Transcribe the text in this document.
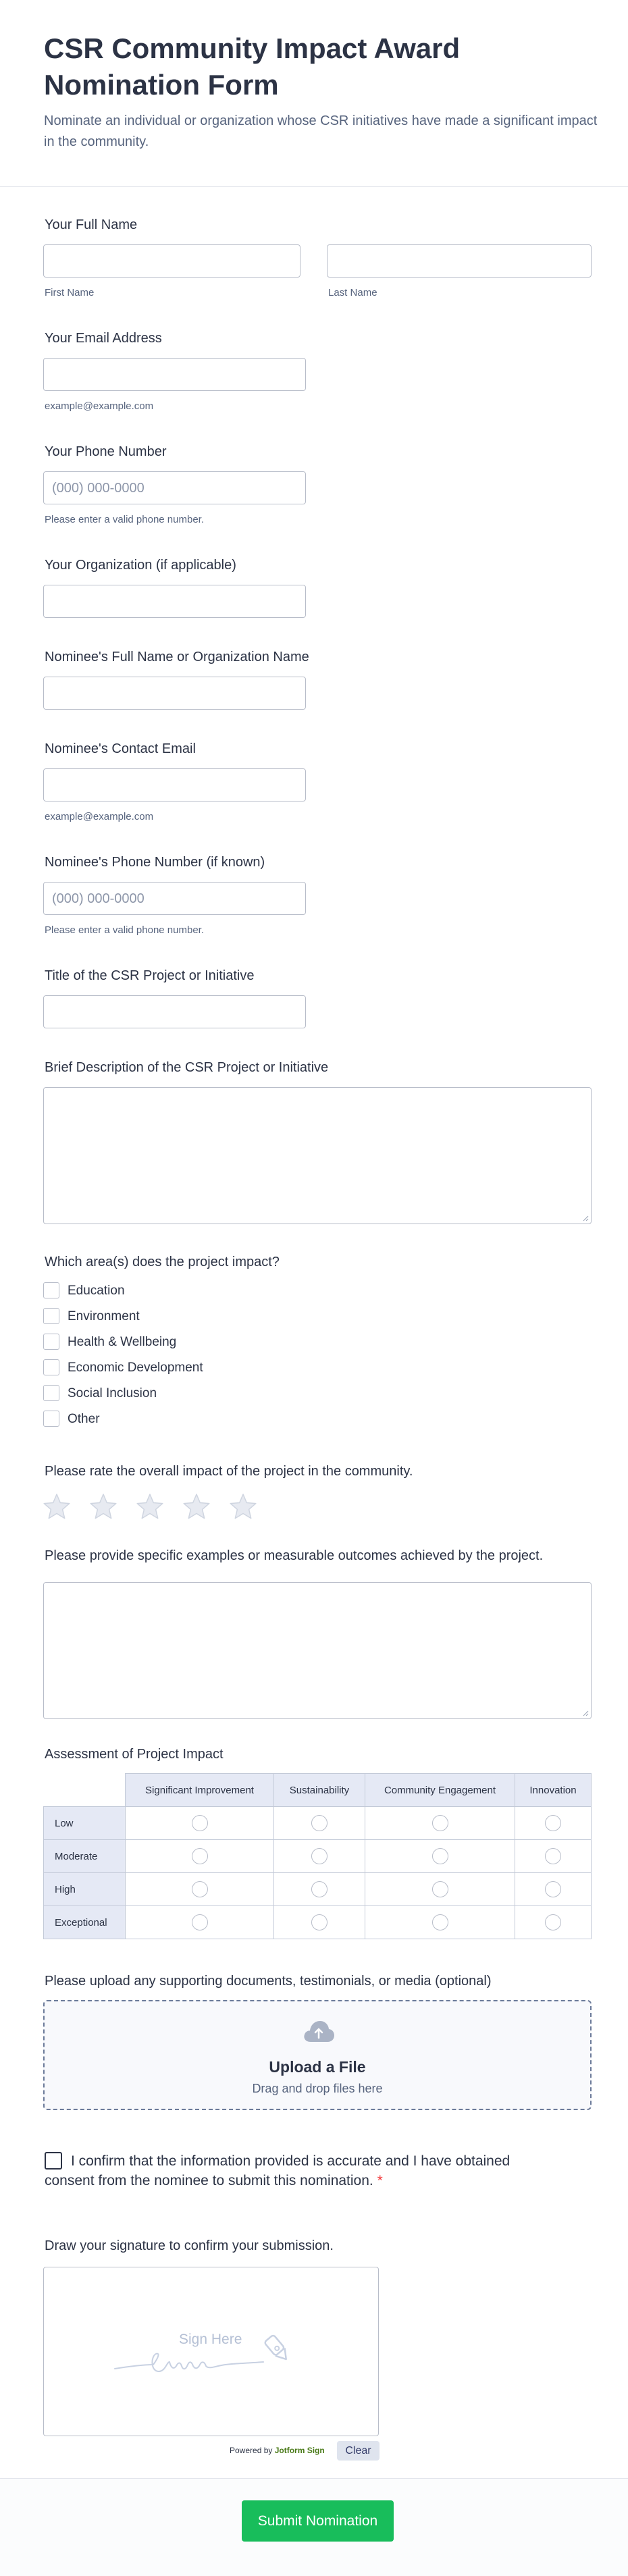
CSR Community Impact Award Nomination Form
Nominate an individual or organization whose CSR initiatives have made a significant impact in the community.
Your Full Name
First Name	Last Name
Your Email Address
example@example.com
Your Phone Number
(000) 000-0000
Please enter a valid phone number.
Your Organization (if applicable)
Nominee's Full Name or Organization Name
Nominee's Contact Email
example@example.com
Nominee's Phone Number (if known)
(000) 000-0000
Please enter a valid phone number.
Title of the CSR Project or Initiative
Brief Description of the CSR Project or Initiative
Which area(s) does the project impact?
Education
Environment
Health & Wellbeing
Economic Development
Social Inclusion
Other
Please rate the overall impact of the project in the community.
Please provide specific examples or measurable outcomes achieved by the project.
Assessment of Project Impact
	Significant Improvement	Sustainability	Community Engagement	Innovation
Low				
Moderate				
High				
Exceptional				
Please upload any supporting documents, testimonials, or media (optional)
Upload a File
Drag and drop files here
I confirm that the information provided is accurate and I have obtained consent from the nominee to submit this nomination. *
Draw your signature to confirm your submission.
Sign Here
Powered by Jotform Sign	Clear
Submit Nomination
